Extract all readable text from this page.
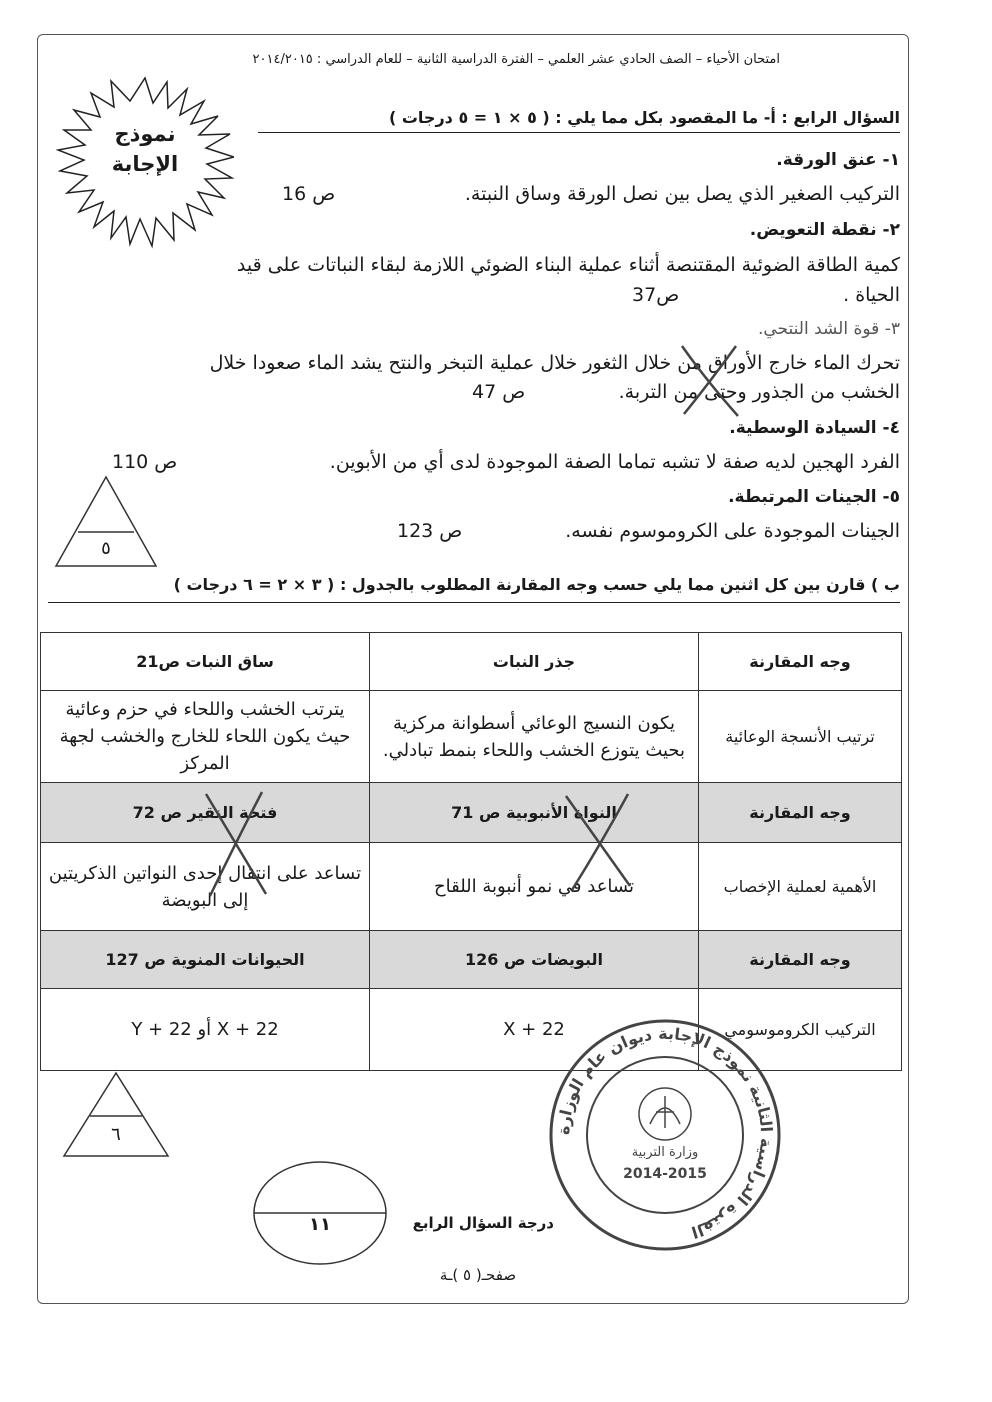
امتحان الأحياء – الصف الحادي عشر العلمي – الفترة الدراسية الثانية – للعام الدراسي : ٢٠١٤/٢٠١٥
نموذج
الإجابة
السؤال الرابع : أ- ما المقصود بكل مما يلي : ( ٥ × ١ = ٥ درجات )
١- عنق الورقة.
التركيب الصغير الذي يصل بين نصل الورقة وساق النبتة.
ص 16
٢- نقطة التعويض.
كمية الطاقة الضوئية المقتنصة أثناء عملية البناء الضوئي اللازمة لبقاء النباتات على قيد
الحياة .
ص37
٣- قوة الشد النتحي.
تحرك الماء خارج الأوراق من خلال الثغور خلال عملية التبخر والنتح يشد الماء صعودا خلال
الخشب من الجذور وحتى من التربة.
ص 47
٤- السيادة الوسطية.
الفرد الهجين لديه صفة لا تشبه تماما الصفة الموجودة لدى أي من الأبوين.
ص 110
٥- الجينات المرتبطة.
الجينات الموجودة على الكروموسوم نفسه.
ص 123
٥
ب ) قارن بين كل اثنين مما يلي حسب وجه المقارنة المطلوب بالجدول : ( ٣ × ٢ = ٦ درجات )
وجه المقارنة	جذر النبات	ساق النبات ص21
ترتيب الأنسجة الوعائية	يكون النسيج الوعائي أسطوانة مركزية بحيث يتوزع الخشب واللحاء بنمط تبادلي.	يترتب الخشب واللحاء في حزم وعائية حيث يكون اللحاء للخارج والخشب لجهة المركز
وجه المقارنة	النواة الأنبوبية ص 71	فتحة النقير ص 72
الأهمية لعملية الإخصاب	تساعد في نمو أنبوبة اللقاح	تساعد على انتقال إحدى النواتين الذكريتين إلى البويضة
وجه المقارنة	البويضات ص 126	الحيوانات المنوية ص 127
التركيب الكروموسومي	X + 22	X + 22 أو Y + 22
٦
١١	درجة السؤال الرابع
الفترة الدراسية الثانية نموذج الإجابة ديوان عام الوزارة
وزارة التربية
2014-2015
صفحـ( ٥ )ـة
